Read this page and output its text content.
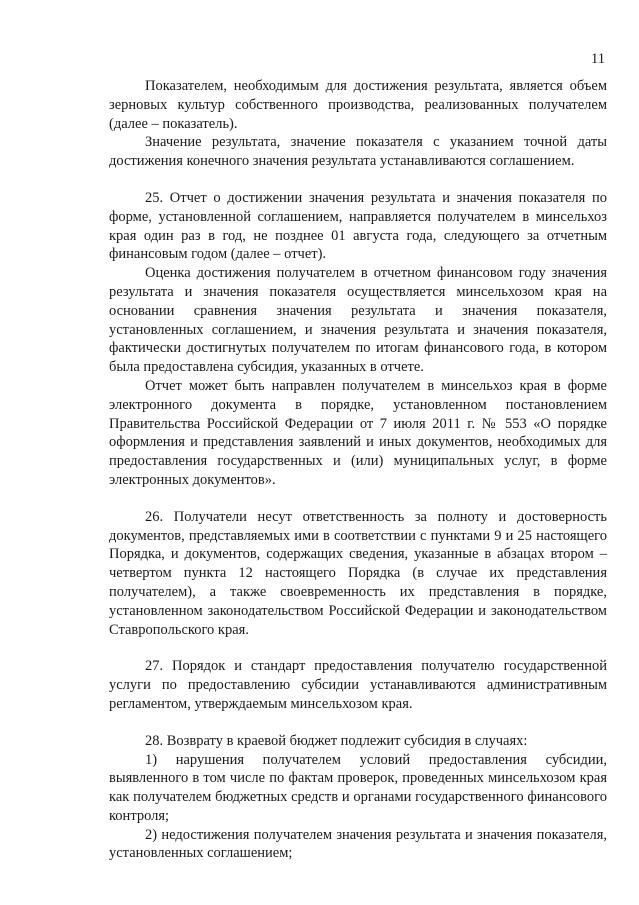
11

Показателем, необходимым для достижения результата, является объем зерновых культур собственного производства, реализованных получателем (далее – показатель).

Значение результата, значение показателя с указанием точной даты достижения конечного значения результата устанавливаются соглашением.

25. Отчет о достижении значения результата и значения показателя по форме, установленной соглашением, направляется получателем в минсельхоз края один раз в год, не позднее 01 августа года, следующего за отчетным финансовым годом (далее – отчет).

Оценка достижения получателем в отчетном финансовом году значения результата и значения показателя осуществляется минсельхозом края на основании сравнения значения результата и значения показателя, установленных соглашением, и значения результата и значения показателя, фактически достигнутых получателем по итогам финансового года, в котором была предоставлена субсидия, указанных в отчете.

Отчет может быть направлен получателем в минсельхоз края в форме электронного документа в порядке, установленном постановлением Правительства Российской Федерации от 7 июля 2011 г. № 553 «О порядке оформления и представления заявлений и иных документов, необходимых для предоставления государственных и (или) муниципальных услуг, в форме электронных документов».

26. Получатели несут ответственность за полноту и достоверность документов, представляемых ими в соответствии с пунктами 9 и 25 настоящего Порядка, и документов, содержащих сведения, указанные в абзацах втором – четвертом пункта 12 настоящего Порядка (в случае их представления получателем), а также своевременность их представления в порядке, установленном законодательством Российской Федерации и законодательством Ставропольского края.

27. Порядок и стандарт предоставления получателю государственной услуги по предоставлению субсидии устанавливаются административным регламентом, утверждаемым минсельхозом края.

28. Возврату в краевой бюджет подлежит субсидия в случаях:

1) нарушения получателем условий предоставления субсидии, выявленного в том числе по фактам проверок, проведенных минсельхозом края как получателем бюджетных средств и органами государственного финансового контроля;

2) недостижения получателем значения результата и значения показателя, установленных соглашением;
